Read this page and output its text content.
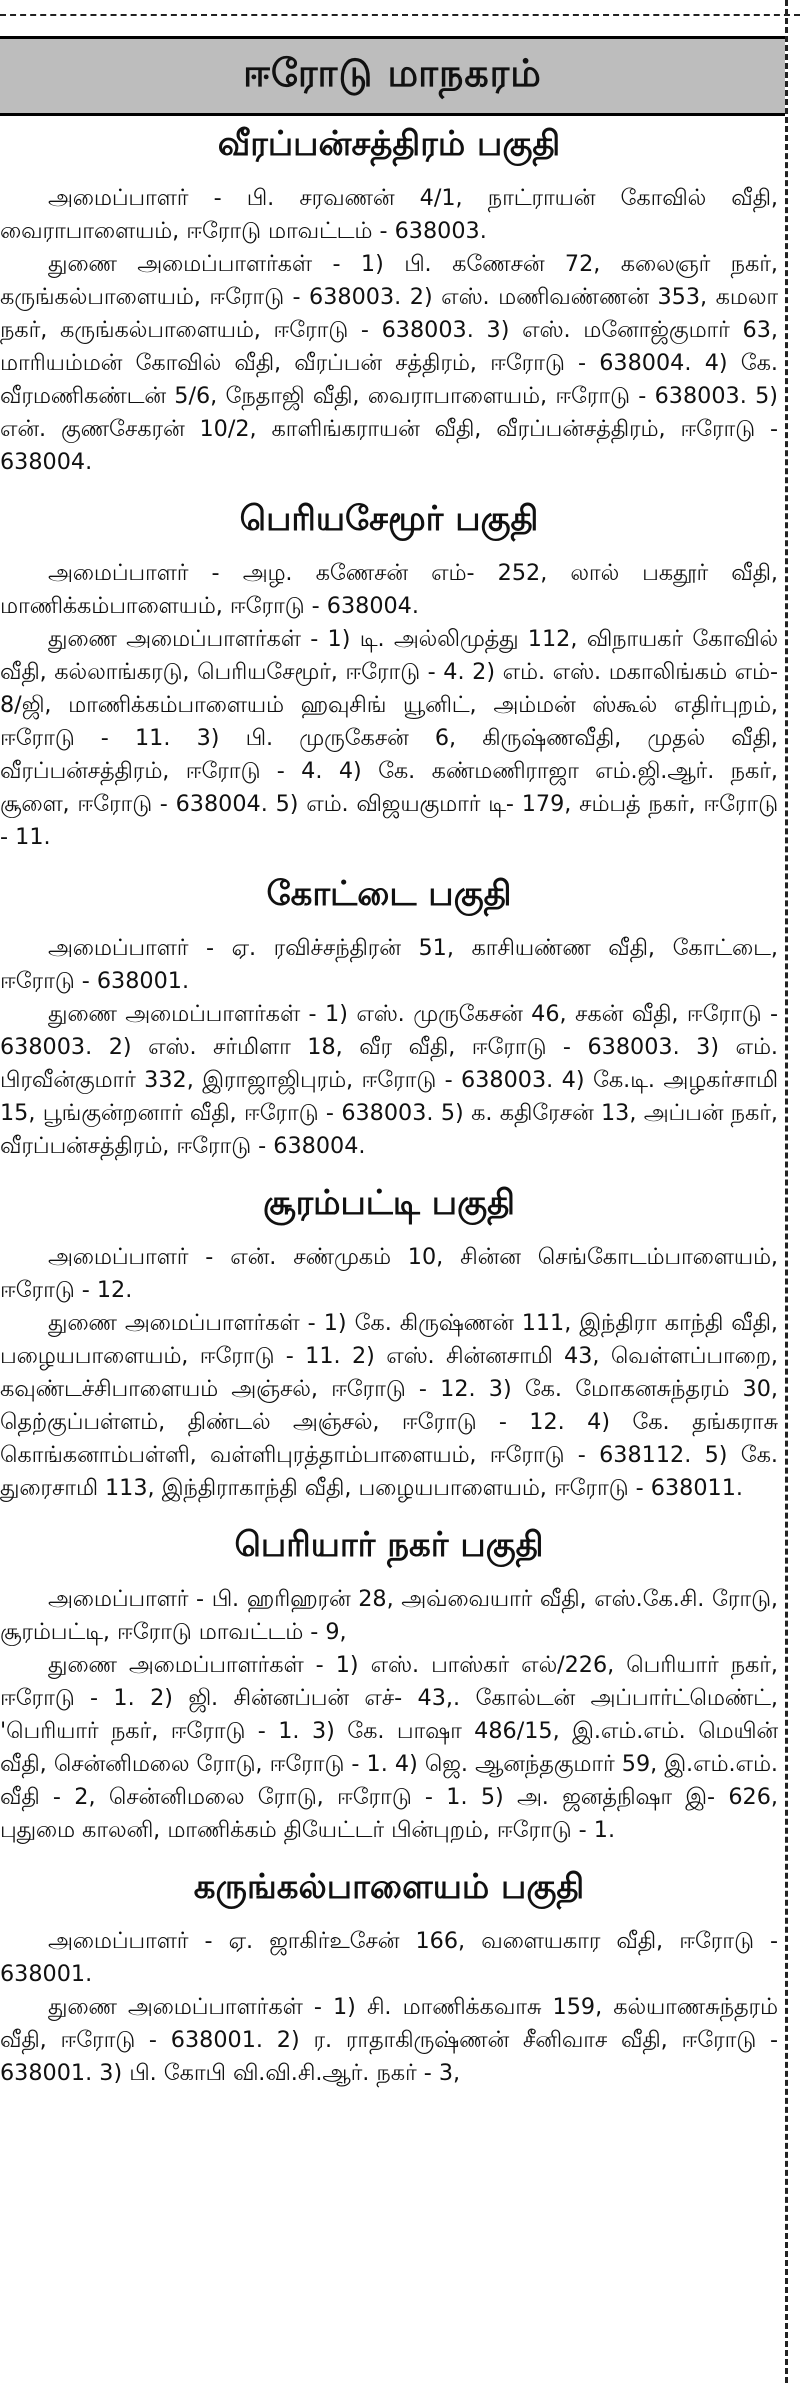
ஈரோடு மாநகரம்
வீரப்பன்சத்திரம் பகுதி

அமைப்பாளர் - பி. சரவணன் 4/1, நாட்ராயன் கோவில் வீதி, வைராபாளையம், ஈரோடு மாவட்டம் - 638003.

துணை அமைப்பாளர்கள் - 1) பி. கணேசன் 72, கலைஞர் நகர், கருங்கல்பாளையம், ஈரோடு - 638003. 2) எஸ். மணிவண்ணன் 353, கமலா நகர், கருங்கல்பாளையம், ஈரோடு - 638003. 3) எஸ். மனோஜ்குமார் 63, மாரியம்மன் கோவில் வீதி, வீரப்பன் சத்திரம், ஈரோடு - 638004. 4) கே. வீரமணிகண்டன் 5/6, நேதாஜி வீதி, வைராபாளையம், ஈரோடு - 638003. 5) என். குணசேகரன் 10/2, காளிங்கராயன் வீதி, வீரப்பன்சத்திரம், ஈரோடு - 638004.

பெரியசேமூர் பகுதி

அமைப்பாளர் - அழ. கணேசன் எம்- 252, லால் பகதூர் வீதி, மாணிக்கம்பாளையம், ஈரோடு - 638004.

துணை அமைப்பாளர்கள் - 1) டி. அல்லிமுத்து 112, விநாயகர் கோவில் வீதி, கல்லாங்கரடு, பெரியசேமூர், ஈரோடு - 4. 2) எம். எஸ். மகாலிங்கம் எம்- 8/ஜி, மாணிக்கம்பாளையம் ஹவுசிங் யூனிட், அம்மன் ஸ்கூல் எதிர்புறம், ஈரோடு - 11. 3) பி. முருகேசன் 6, கிருஷ்ணவீதி, முதல் வீதி, வீரப்பன்சத்திரம், ஈரோடு - 4. 4) கே. கண்மணிராஜா எம்.ஜி.ஆர். நகர், சூளை, ஈரோடு - 638004. 5) எம். விஜயகுமார் டி- 179, சம்பத் நகர், ஈரோடு - 11.

கோட்டை பகுதி

அமைப்பாளர் - ஏ. ரவிச்சந்திரன் 51, காசியண்ண வீதி, கோட்டை, ஈரோடு - 638001.

துணை அமைப்பாளர்கள் - 1) எஸ். முருகேசன் 46, சகன் வீதி, ஈரோடு - 638003. 2) எஸ். சர்மிளா 18, வீர வீதி, ஈரோடு - 638003. 3) எம். பிரவீன்குமார் 332, இராஜாஜிபுரம், ஈரோடு - 638003. 4) கே.டி. அழகர்சாமி 15, பூங்குன்றனார் வீதி, ஈரோடு - 638003. 5) க. கதிரேசன் 13, அப்பன் நகர், வீரப்பன்சத்திரம், ஈரோடு - 638004.

சூரம்பட்டி பகுதி

அமைப்பாளர் - என். சண்முகம் 10, சின்ன செங்கோடம்பாளையம், ஈரோடு - 12.

துணை அமைப்பாளர்கள் - 1) கே. கிருஷ்ணன் 111, இந்திரா காந்தி வீதி, பழையபாளையம், ஈரோடு - 11. 2) எஸ். சின்னசாமி 43, வெள்ளப்பாறை, கவுண்டச்சிபாளையம் அஞ்சல், ஈரோடு - 12. 3) கே. மோகனசுந்தரம் 30, தெற்குப்பள்ளம், திண்டல் அஞ்சல், ஈரோடு - 12. 4) கே. தங்கராசு கொங்கனாம்பள்ளி, வள்ளிபுரத்தாம்பாளையம், ஈரோடு - 638112. 5) கே. துரைசாமி 113, இந்திராகாந்தி வீதி, பழையபாளையம், ஈரோடு - 638011.

பெரியார் நகர் பகுதி

அமைப்பாளர் - பி. ஹரிஹரன் 28, அவ்வையார் வீதி, எஸ்.கே.சி. ரோடு, சூரம்பட்டி, ஈரோடு மாவட்டம் - 9,

துணை அமைப்பாளர்கள் - 1) எஸ். பாஸ்கர் எல்/226, பெரியார் நகர், ஈரோடு - 1. 2) ஜி. சின்னப்பன் எச்- 43,. கோல்டன் அப்பார்ட்மெண்ட், 'பெரியார் நகர், ஈரோடு - 1. 3) கே. பாஷா 486/15, இ.எம்.எம். மெயின் வீதி, சென்னிமலை ரோடு, ஈரோடு - 1. 4) ஜெ. ஆனந்தகுமார் 59, இ.எம்.எம். வீதி - 2, சென்னிமலை ரோடு, ஈரோடு - 1. 5) அ. ஜனத்நிஷா இ- 626, புதுமை காலனி, மாணிக்கம் தியேட்டர் பின்புறம், ஈரோடு - 1.

கருங்கல்பாளையம் பகுதி

அமைப்பாளர் - ஏ. ஜாகிர்உசேன் 166, வளையகார வீதி, ஈரோடு - 638001.

துணை அமைப்பாளர்கள் - 1) சி. மாணிக்கவாசு 159, கல்யாணசுந்தரம் வீதி, ஈரோடு - 638001. 2) ர. ராதாகிருஷ்ணன் சீனிவாச வீதி, ஈரோடு - 638001. 3) பி. கோபி வி.வி.சி.ஆர். நகர் - 3,
